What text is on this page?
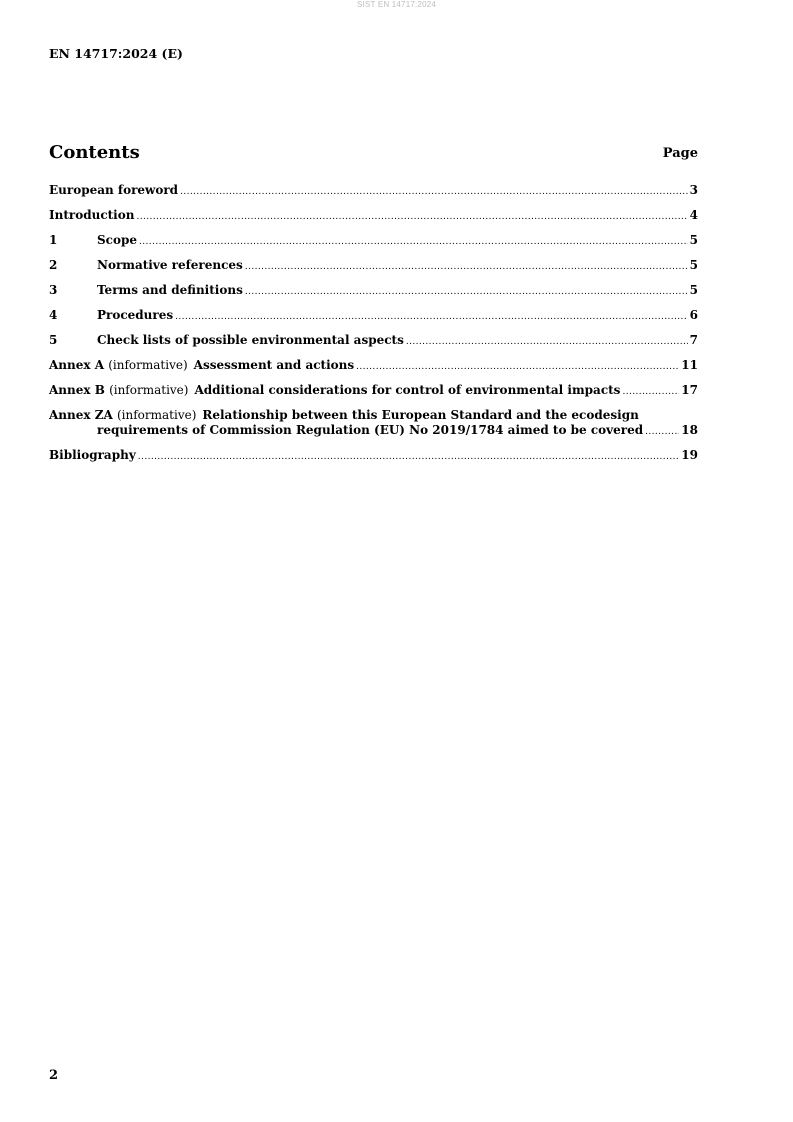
SIST EN 14717:2024
EN 14717:2024 (E)
Contents	Page
European foreword .....	3
Introduction .....	4
1	Scope .....	5
2	Normative references .....	5
3	Terms and definitions .....	5
4	Procedures .....	6
5	Check lists of possible environmental aspects .....	7
Annex A (informative) Assessment and actions .....	11
Annex B (informative) Additional considerations for control of environmental impacts .....	17
Annex ZA (informative) Relationship between this European Standard and the ecodesign
requirements of Commission Regulation (EU) No 2019/1784 aimed to be covered .....	18
Bibliography .....	19
2
